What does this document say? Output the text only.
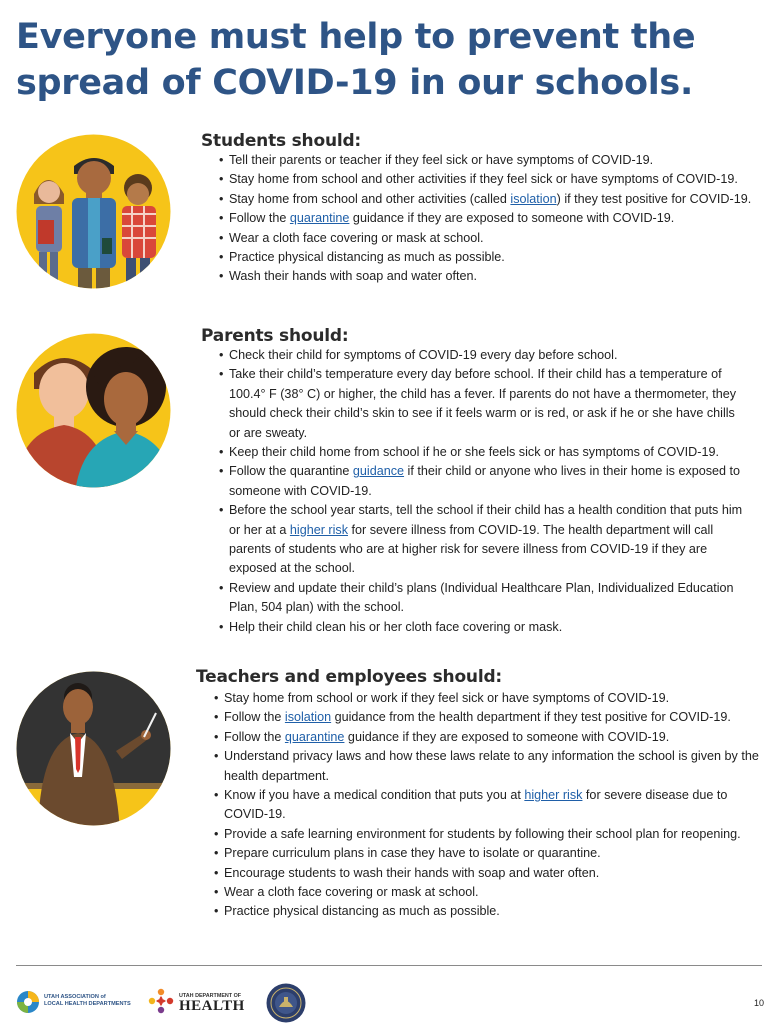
Everyone must help to prevent the spread of COVID-19 in our schools.
Students should:
• Tell their parents or teacher if they feel sick or have symptoms of COVID-19.
• Stay home from school and other activities if they feel sick or have symptoms of COVID-19.
• Stay home from school and other activities (called isolation) if they test positive for COVID-19.
• Follow the quarantine guidance if they are exposed to someone with COVID-19.
• Wear a cloth face covering or mask at school.
• Practice physical distancing as much as possible.
• Wash their hands with soap and water often.
Parents should:
• Check their child for symptoms of COVID-19 every day before school.
• Take their child’s temperature every day before school. If their child has a temperature of 100.4° F (38° C) or higher, the child has a fever. If parents do not have a thermometer, they should check their child’s skin to see if it feels warm or is red, or ask if he or she have chills or are sweaty.
• Keep their child home from school if he or she feels sick or has symptoms of COVID-19.
• Follow the quarantine guidance if their child or anyone who lives in their home is exposed to someone with COVID-19.
• Before the school year starts, tell the school if their child has a health condition that puts him or her at a higher risk for severe illness from COVID-19. The health department will call parents of students who are at higher risk for severe illness from COVID-19 if they are exposed at the school.
• Review and update their child’s plans (Individual Healthcare Plan, Individualized Education Plan, 504 plan) with the school.
• Help their child clean his or her cloth face covering or mask.
Teachers and employees should:
• Stay home from school or work if they feel sick or have symptoms of COVID-19.
• Follow the isolation guidance from the health department if they test positive for COVID-19.
• Follow the quarantine guidance if they are exposed to someone with COVID-19.
• Understand privacy laws and how these laws relate to any information the school is given by the health department.
• Know if you have a medical condition that puts you at higher risk for severe disease due to COVID-19.
• Provide a safe learning environment for students by following their school plan for reopening.
• Prepare curriculum plans in case they have to isolate or quarantine.
• Encourage students to wash their hands with soap and water often.
• Wear a cloth face covering or mask at school.
• Practice physical distancing as much as possible.
UTAH ASSOCIATION of
LOCAL HEALTH DEPARTMENTS
UTAH DEPARTMENT OF
HEALTH	10
